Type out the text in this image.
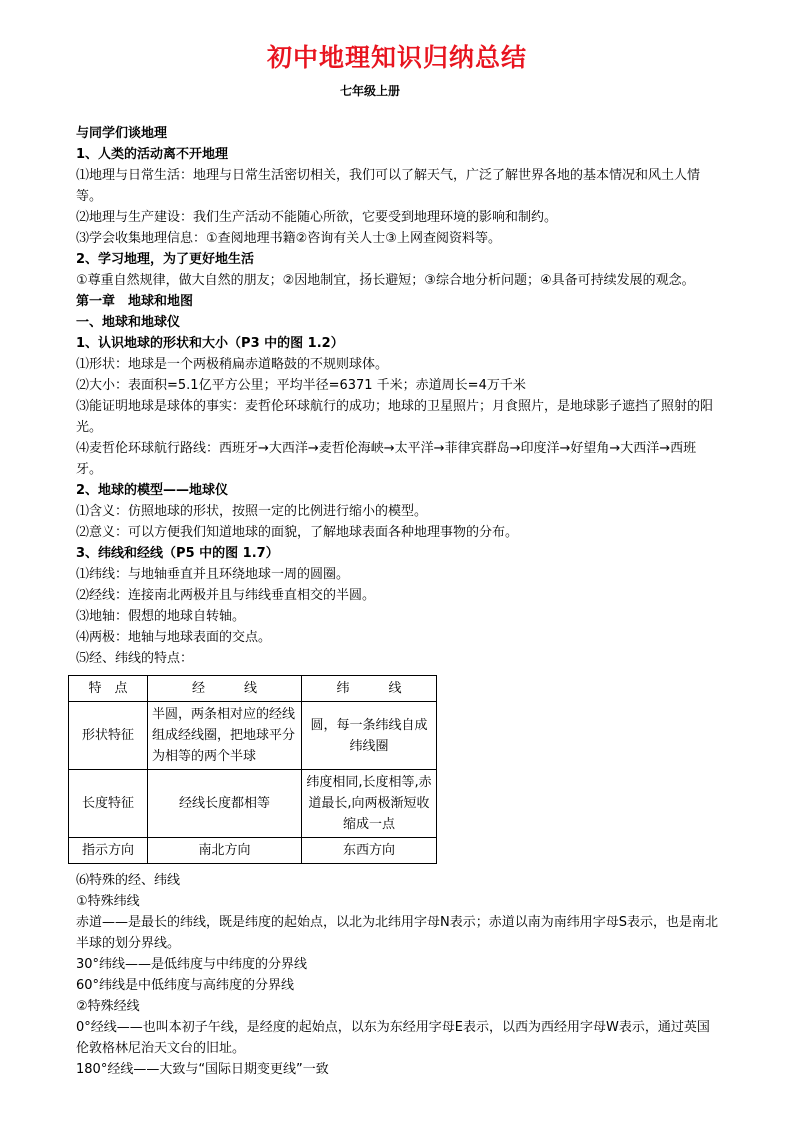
初中地理知识归纳总结
七年级上册

与同学们谈地理

1、人类的活动离不开地理

⑴地理与日常生活：地理与日常生活密切相关，我们可以了解天气，广泛了解世界各地的基本情况和风土人情等。

⑵地理与生产建设：我们生产活动不能随心所欲，它要受到地理环境的影响和制约。

⑶学会收集地理信息：①查阅地理书籍②咨询有关人士③上网查阅资料等。

2、学习地理，为了更好地生活

①尊重自然规律，做大自然的朋友；②因地制宜，扬长避短；③综合地分析问题；④具备可持续发展的观念。

第一章　地球和地图

一、地球和地球仪

1、认识地球的形状和大小（P3 中的图 1.2）

⑴形状：地球是一个两极稍扁赤道略鼓的不规则球体。

⑵大小：表面积=5.1亿平方公里；平均半径=6371 千米；赤道周长=4万千米

⑶能证明地球是球体的事实：麦哲伦环球航行的成功；地球的卫星照片；月食照片，是地球影子遮挡了照射的阳光。

⑷麦哲伦环球航行路线：西班牙→大西洋→麦哲伦海峡→太平洋→菲律宾群岛→印度洋→好望角→大西洋→西班牙。

2、地球的模型——地球仪

⑴含义：仿照地球的形状，按照一定的比例进行缩小的模型。

⑵意义：可以方便我们知道地球的面貌，了解地球表面各种地理事物的分布。

3、纬线和经线（P5 中的图 1.7）

⑴纬线：与地轴垂直并且环绕地球一周的圆圈。

⑵经线：连接南北两极并且与纬线垂直相交的半圆。

⑶地轴：假想的地球自转轴。

⑷两极：地轴与地球表面的交点。

⑸经、纬线的特点：

特　点	经　　　线	纬　　　线
形状特征	半圆，两条相对应的经线组成经线圈，把地球平分为相等的两个半球	圆，每一条纬线自成纬线圈
长度特征	经线长度都相等	纬度相同,长度相等,赤道最长,向两极渐短收缩成一点
指示方向	南北方向	东西方向

⑹特殊的经、纬线

①特殊纬线

赤道——是最长的纬线，既是纬度的起始点，以北为北纬用字母N表示；赤道以南为南纬用字母S表示，也是南北半球的划分界线。

30°纬线——是低纬度与中纬度的分界线

60°纬线是中低纬度与高纬度的分界线

②特殊经线

0°经线——也叫本初子午线，是经度的起始点，以东为东经用字母E表示，以西为西经用字母W表示，通过英国伦敦格林尼治天文台的旧址。

180°经线——大致与“国际日期变更线”一致
